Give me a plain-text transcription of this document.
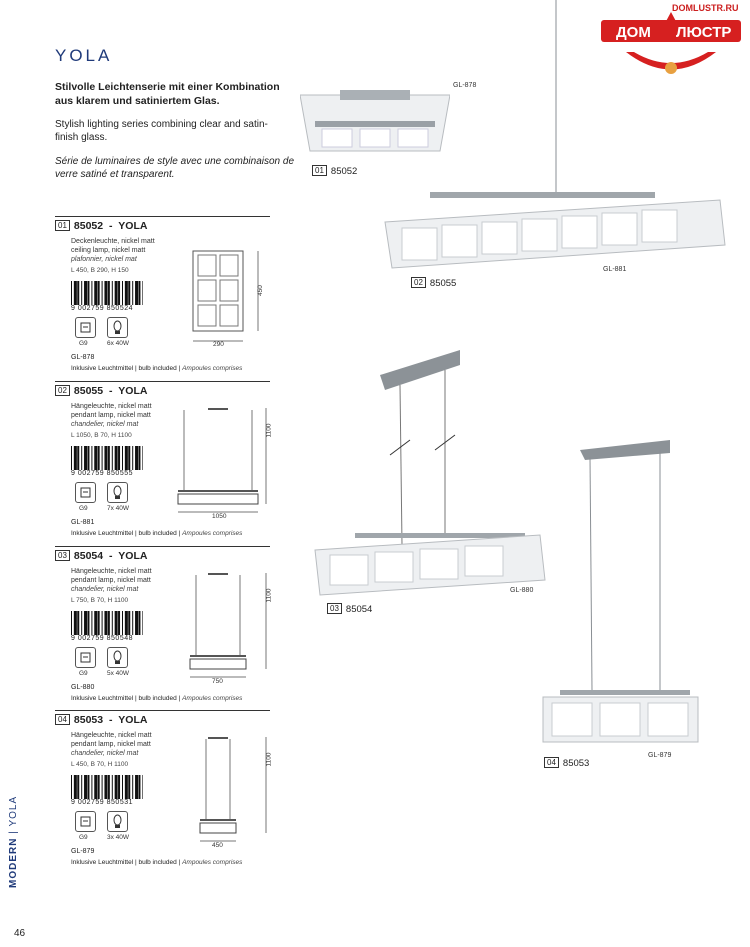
DOMLUSTR.RU
ДОМ ЛЮСТР
YOLA
Stilvolle Leichtenserie mit einer Kombination aus klarem und satiniertem Glas.
Stylish lighting series combining clear and satin-finish glass.
Série de luminaires de style avec une combinaison de verre satiné et transparent.
01 85052 - YOLA
Deckenleuchte, nickel matt
ceiling lamp, nickel matt
plafonnier, nickel mat
L 450, B 290, H 150
9 002759 850524
G9	6x 40W
GL-878
Inklusive Leuchtmittel | bulb included | Ampoules comprises
290
450
02 85055 - YOLA
Hängeleuchte, nickel matt
pendant lamp, nickel matt
chandelier, nickel mat
L 1050, B 70, H 1100
9 002759 850555
G9	7x 40W
GL-881
Inklusive Leuchtmittel | bulb included | Ampoules comprises
1050
1100
03 85054 - YOLA
Hängeleuchte, nickel matt
pendant lamp, nickel matt
chandelier, nickel mat
L 750, B 70, H 1100
9 002759 850548
G9	5x 40W
GL-880
Inklusive Leuchtmittel | bulb included | Ampoules comprises
750
1100
04 85053 - YOLA
Hängeleuchte, nickel matt
pendant lamp, nickel matt
chandelier, nickel mat
L 450, B 70, H 1100
9 002759 850531
G9	3x 40W
GL-879
Inklusive Leuchtmittel | bulb included | Ampoules comprises
450
1100
GL-878
01 85052
GL-881
02 85055
GL-880
03 85054
GL-879
04 85053
MODERN | YOLA
46
